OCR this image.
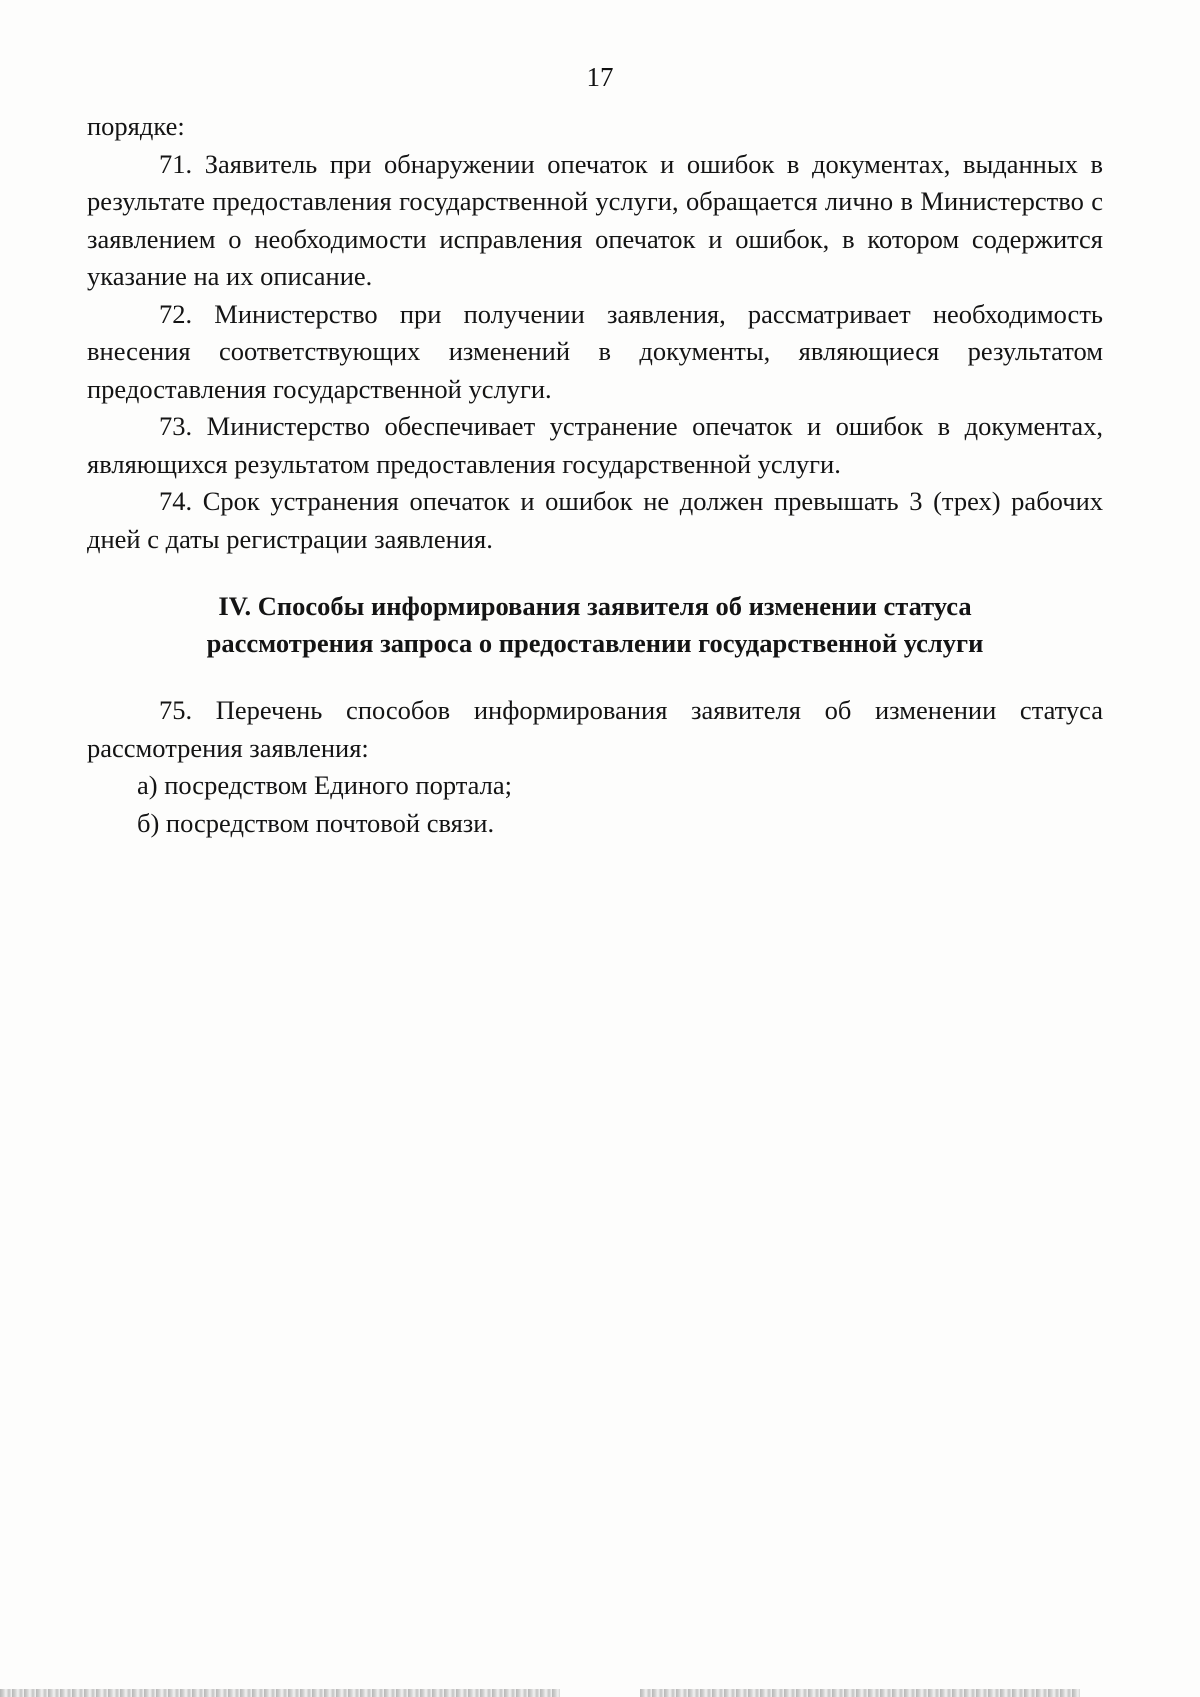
17

порядке:

71. Заявитель при обнаружении опечаток и ошибок в документах, выданных в результате предоставления государственной услуги, обращается лично в Министерство с заявлением о необходимости исправления опечаток и ошибок, в котором содержится указание на их описание.

72. Министерство при получении заявления, рассматривает необходимость внесения соответствующих изменений в документы, являющиеся результатом предоставления государственной услуги.

73. Министерство обеспечивает устранение опечаток и ошибок в документах, являющихся результатом предоставления государственной услуги.

74. Срок устранения опечаток и ошибок не должен превышать 3 (трех) рабочих дней с даты регистрации заявления.

IV. Способы информирования заявителя об изменении статуса
рассмотрения запроса о предоставлении государственной услуги

75. Перечень способов информирования заявителя об изменении статуса рассмотрения заявления:

а) посредством Единого портала;

б) посредством почтовой связи.
